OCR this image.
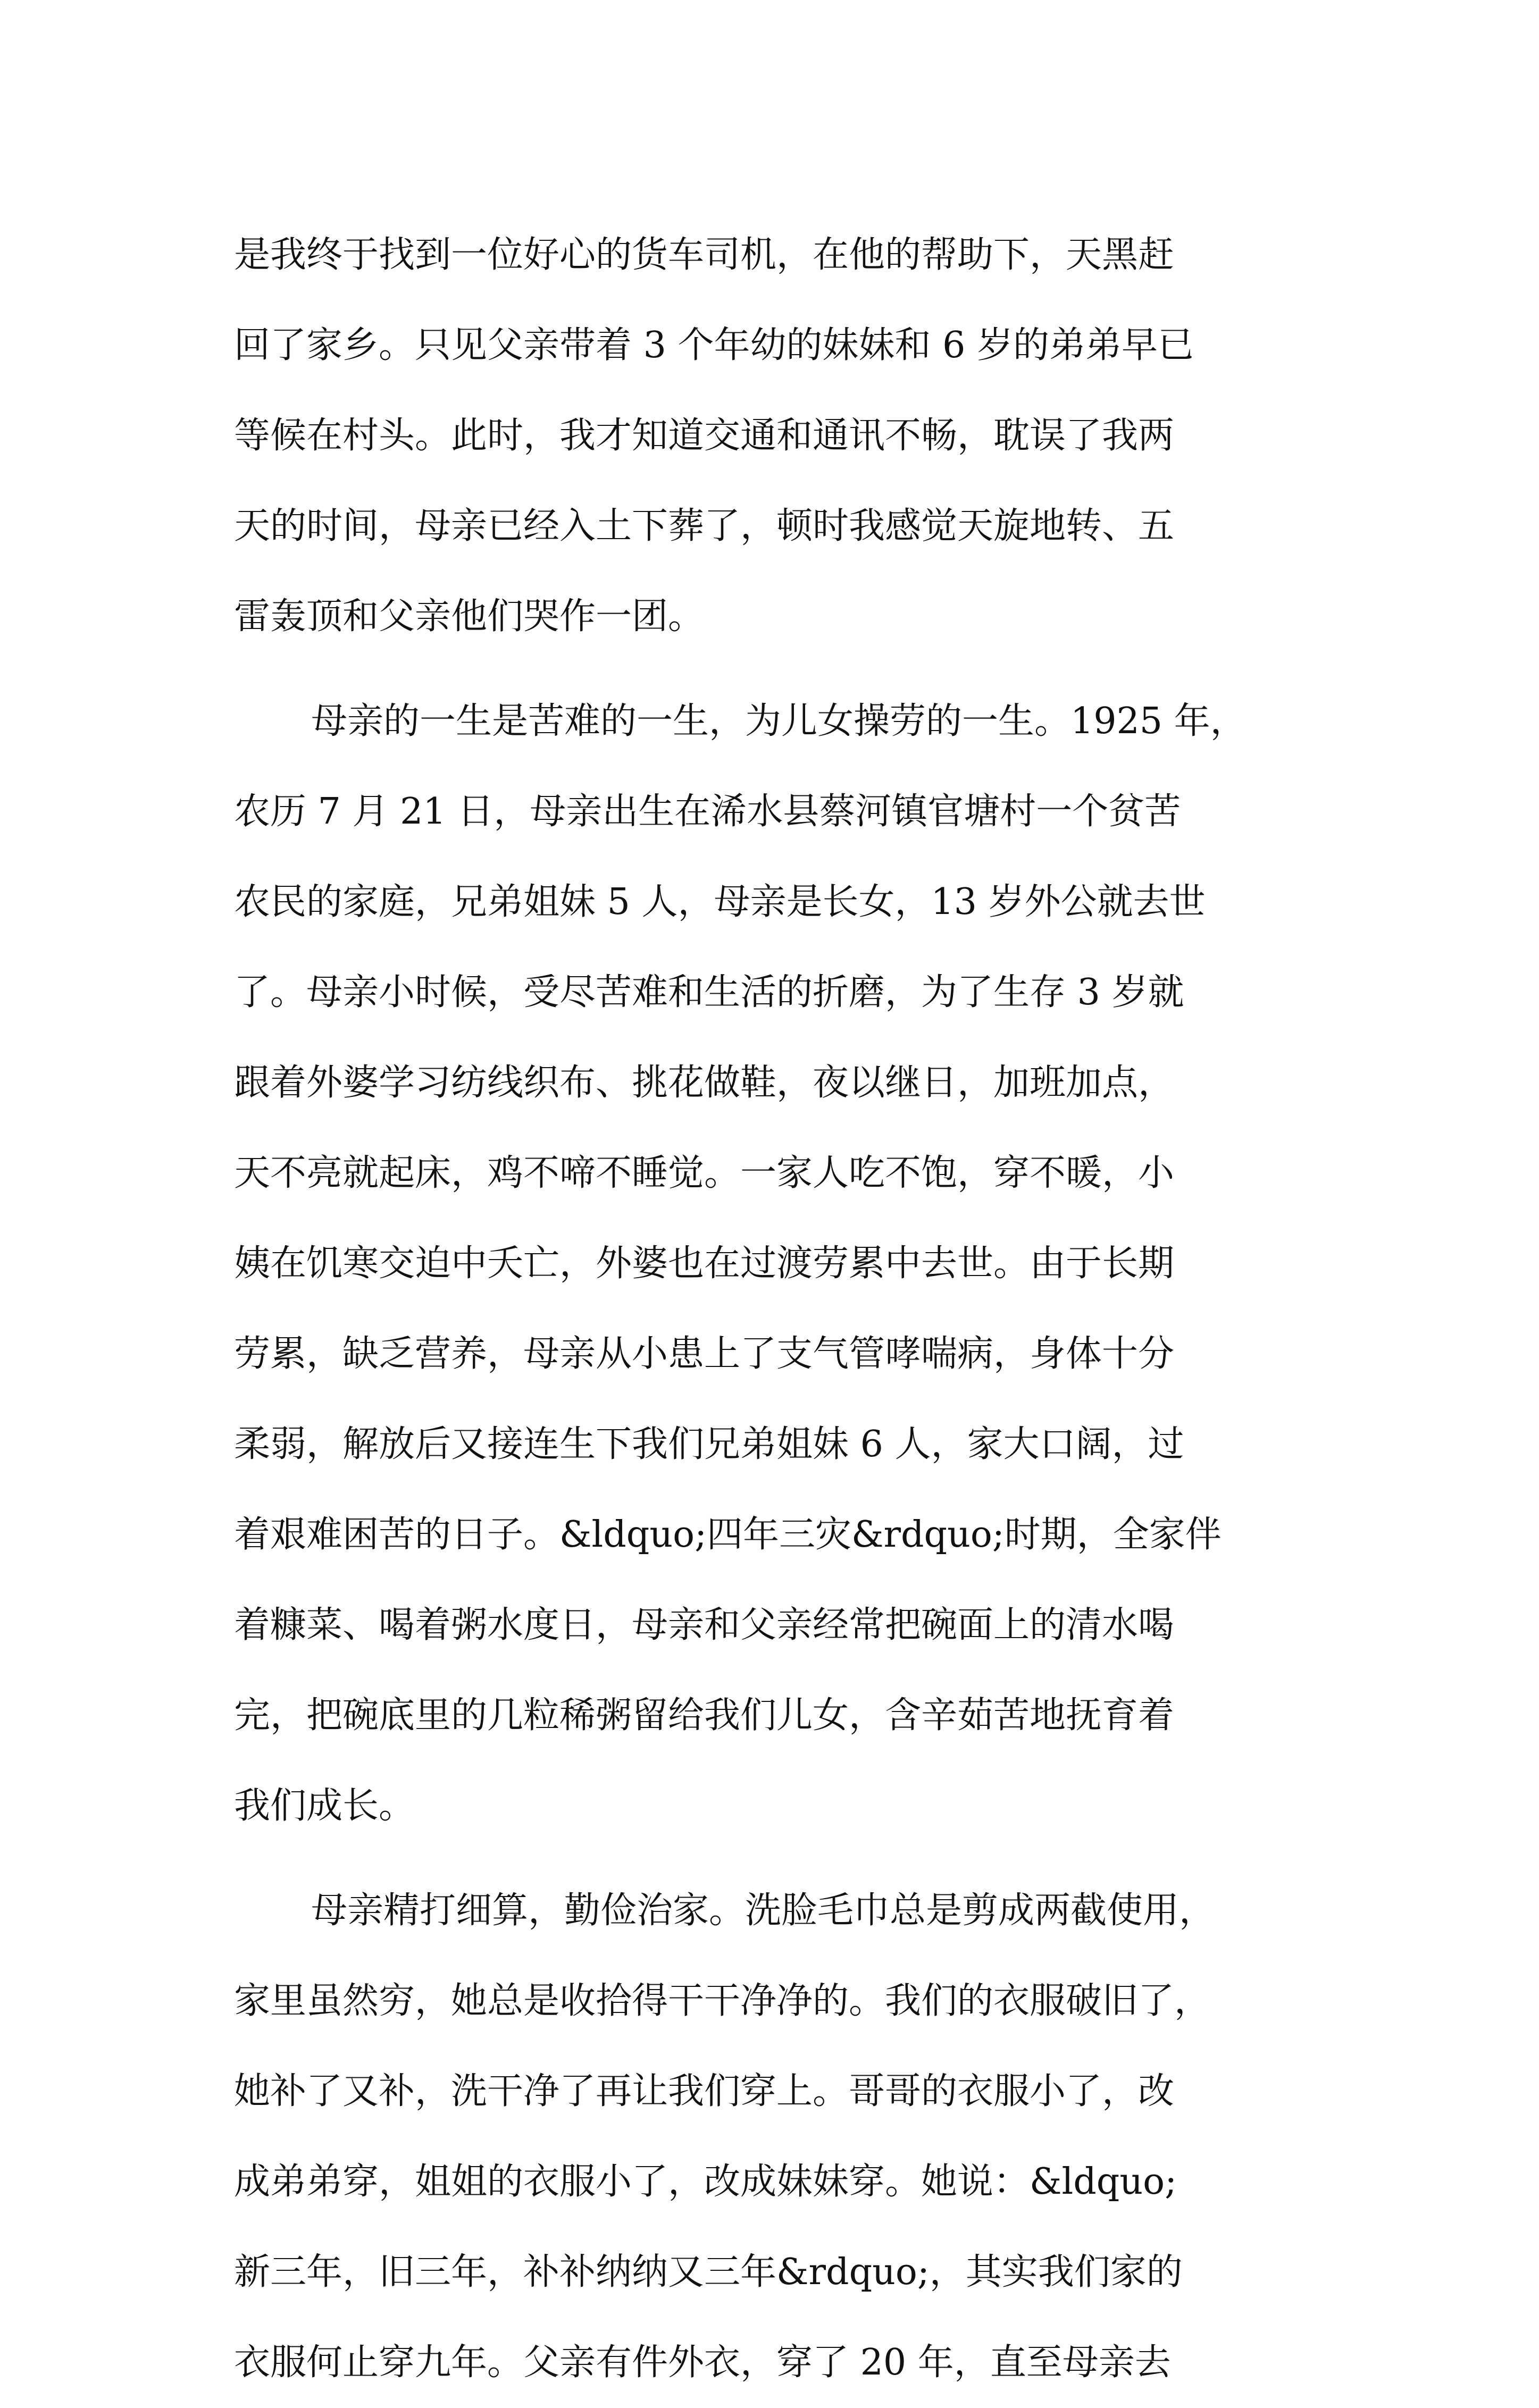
是我终于找到一位好心的货车司机，在他的帮助下，天黑赶
回了家乡。只见父亲带着 3 个年幼的妹妹和 6 岁的弟弟早已
等候在村头。此时，我才知道交通和通讯不畅，耽误了我两
天的时间，母亲已经入土下葬了，顿时我感觉天旋地转、五
雷轰顶和父亲他们哭作一团。
母亲的一生是苦难的一生，为儿女操劳的一生。1925 年，
农历 7 月 21 日，母亲出生在浠水县蔡河镇官塘村一个贫苦
农民的家庭，兄弟姐妹 5 人，母亲是长女，13 岁外公就去世
了。母亲小时候，受尽苦难和生活的折磨，为了生存 3 岁就
跟着外婆学习纺线织布、挑花做鞋，夜以继日，加班加点，
天不亮就起床，鸡不啼不睡觉。一家人吃不饱，穿不暖，小
姨在饥寒交迫中夭亡，外婆也在过渡劳累中去世。由于长期
劳累，缺乏营养，母亲从小患上了支气管哮喘病，身体十分
柔弱，解放后又接连生下我们兄弟姐妹 6 人，家大口阔，过
着艰难困苦的日子。&ldquo;四年三灾&rdquo;时期，全家伴
着糠菜、喝着粥水度日，母亲和父亲经常把碗面上的清水喝
完，把碗底里的几粒稀粥留给我们儿女，含辛茹苦地抚育着
我们成长。
母亲精打细算，勤俭治家。洗脸毛巾总是剪成两截使用，
家里虽然穷，她总是收拾得干干净净的。我们的衣服破旧了，
她补了又补，洗干净了再让我们穿上。哥哥的衣服小了，改
成弟弟穿，姐姐的衣服小了，改成妹妹穿。她说：&ldquo;
新三年，旧三年，补补纳纳又三年&rdquo;，其实我们家的
衣服何止穿九年。父亲有件外衣，穿了 20 年，直至母亲去
